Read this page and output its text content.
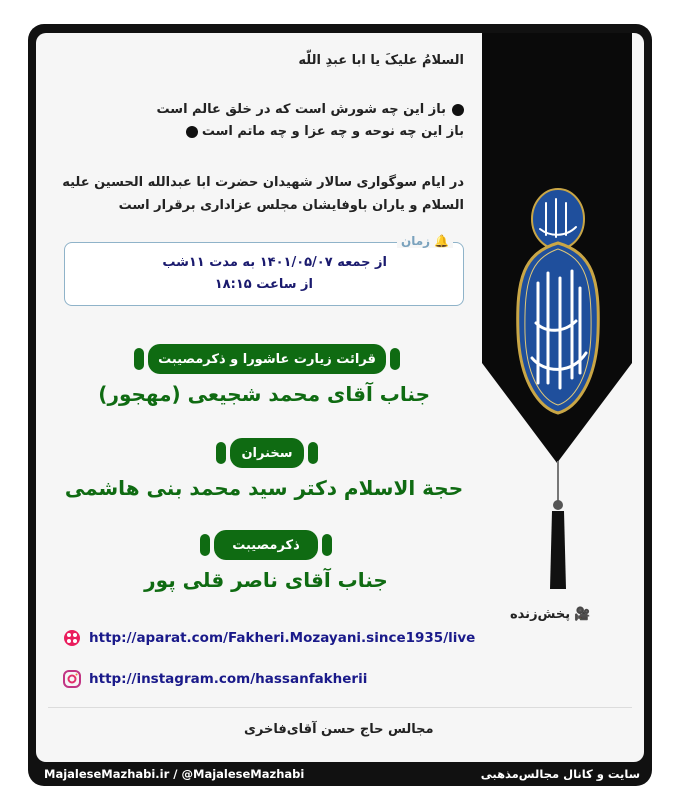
السلامُ علیکَ یا ابا عبدِ اللّه
باز این چه شورش است که در خلق عالم است
باز این چه نوحه و چه عزا و چه ماتم است
در ایام سوگواری سالار شهیدان حضرت ابا عبدالله الحسین علیه
السلام و یاران باوفایشان مجلس عزاداری برقرار است
🔔
زمان
از جمعه ۱۴۰۱/۰۵/۰۷ به مدت ۱۱شب
از ساعت ۱۸:۱۵
قرائت زیارت عاشورا و ذکرمصیبت
جناب آقای محمد شجیعی (مهجور)
سخنران
حجة الاسلام دکتر سید محمد بنی هاشمی
ذکرمصیبت
جناب آقای ناصر قلی پور
🎥
پخش‌زنده
http://aparat.com/Fakheri.Mozayani.since1935/live
http://instagram.com/hassanfakherii
مجالس حاج حسن آقای‌فاخری
MajaleseMazhabi.ir / @MajaleseMazhabi	سایت و کانال مجالس‌مذهبی
